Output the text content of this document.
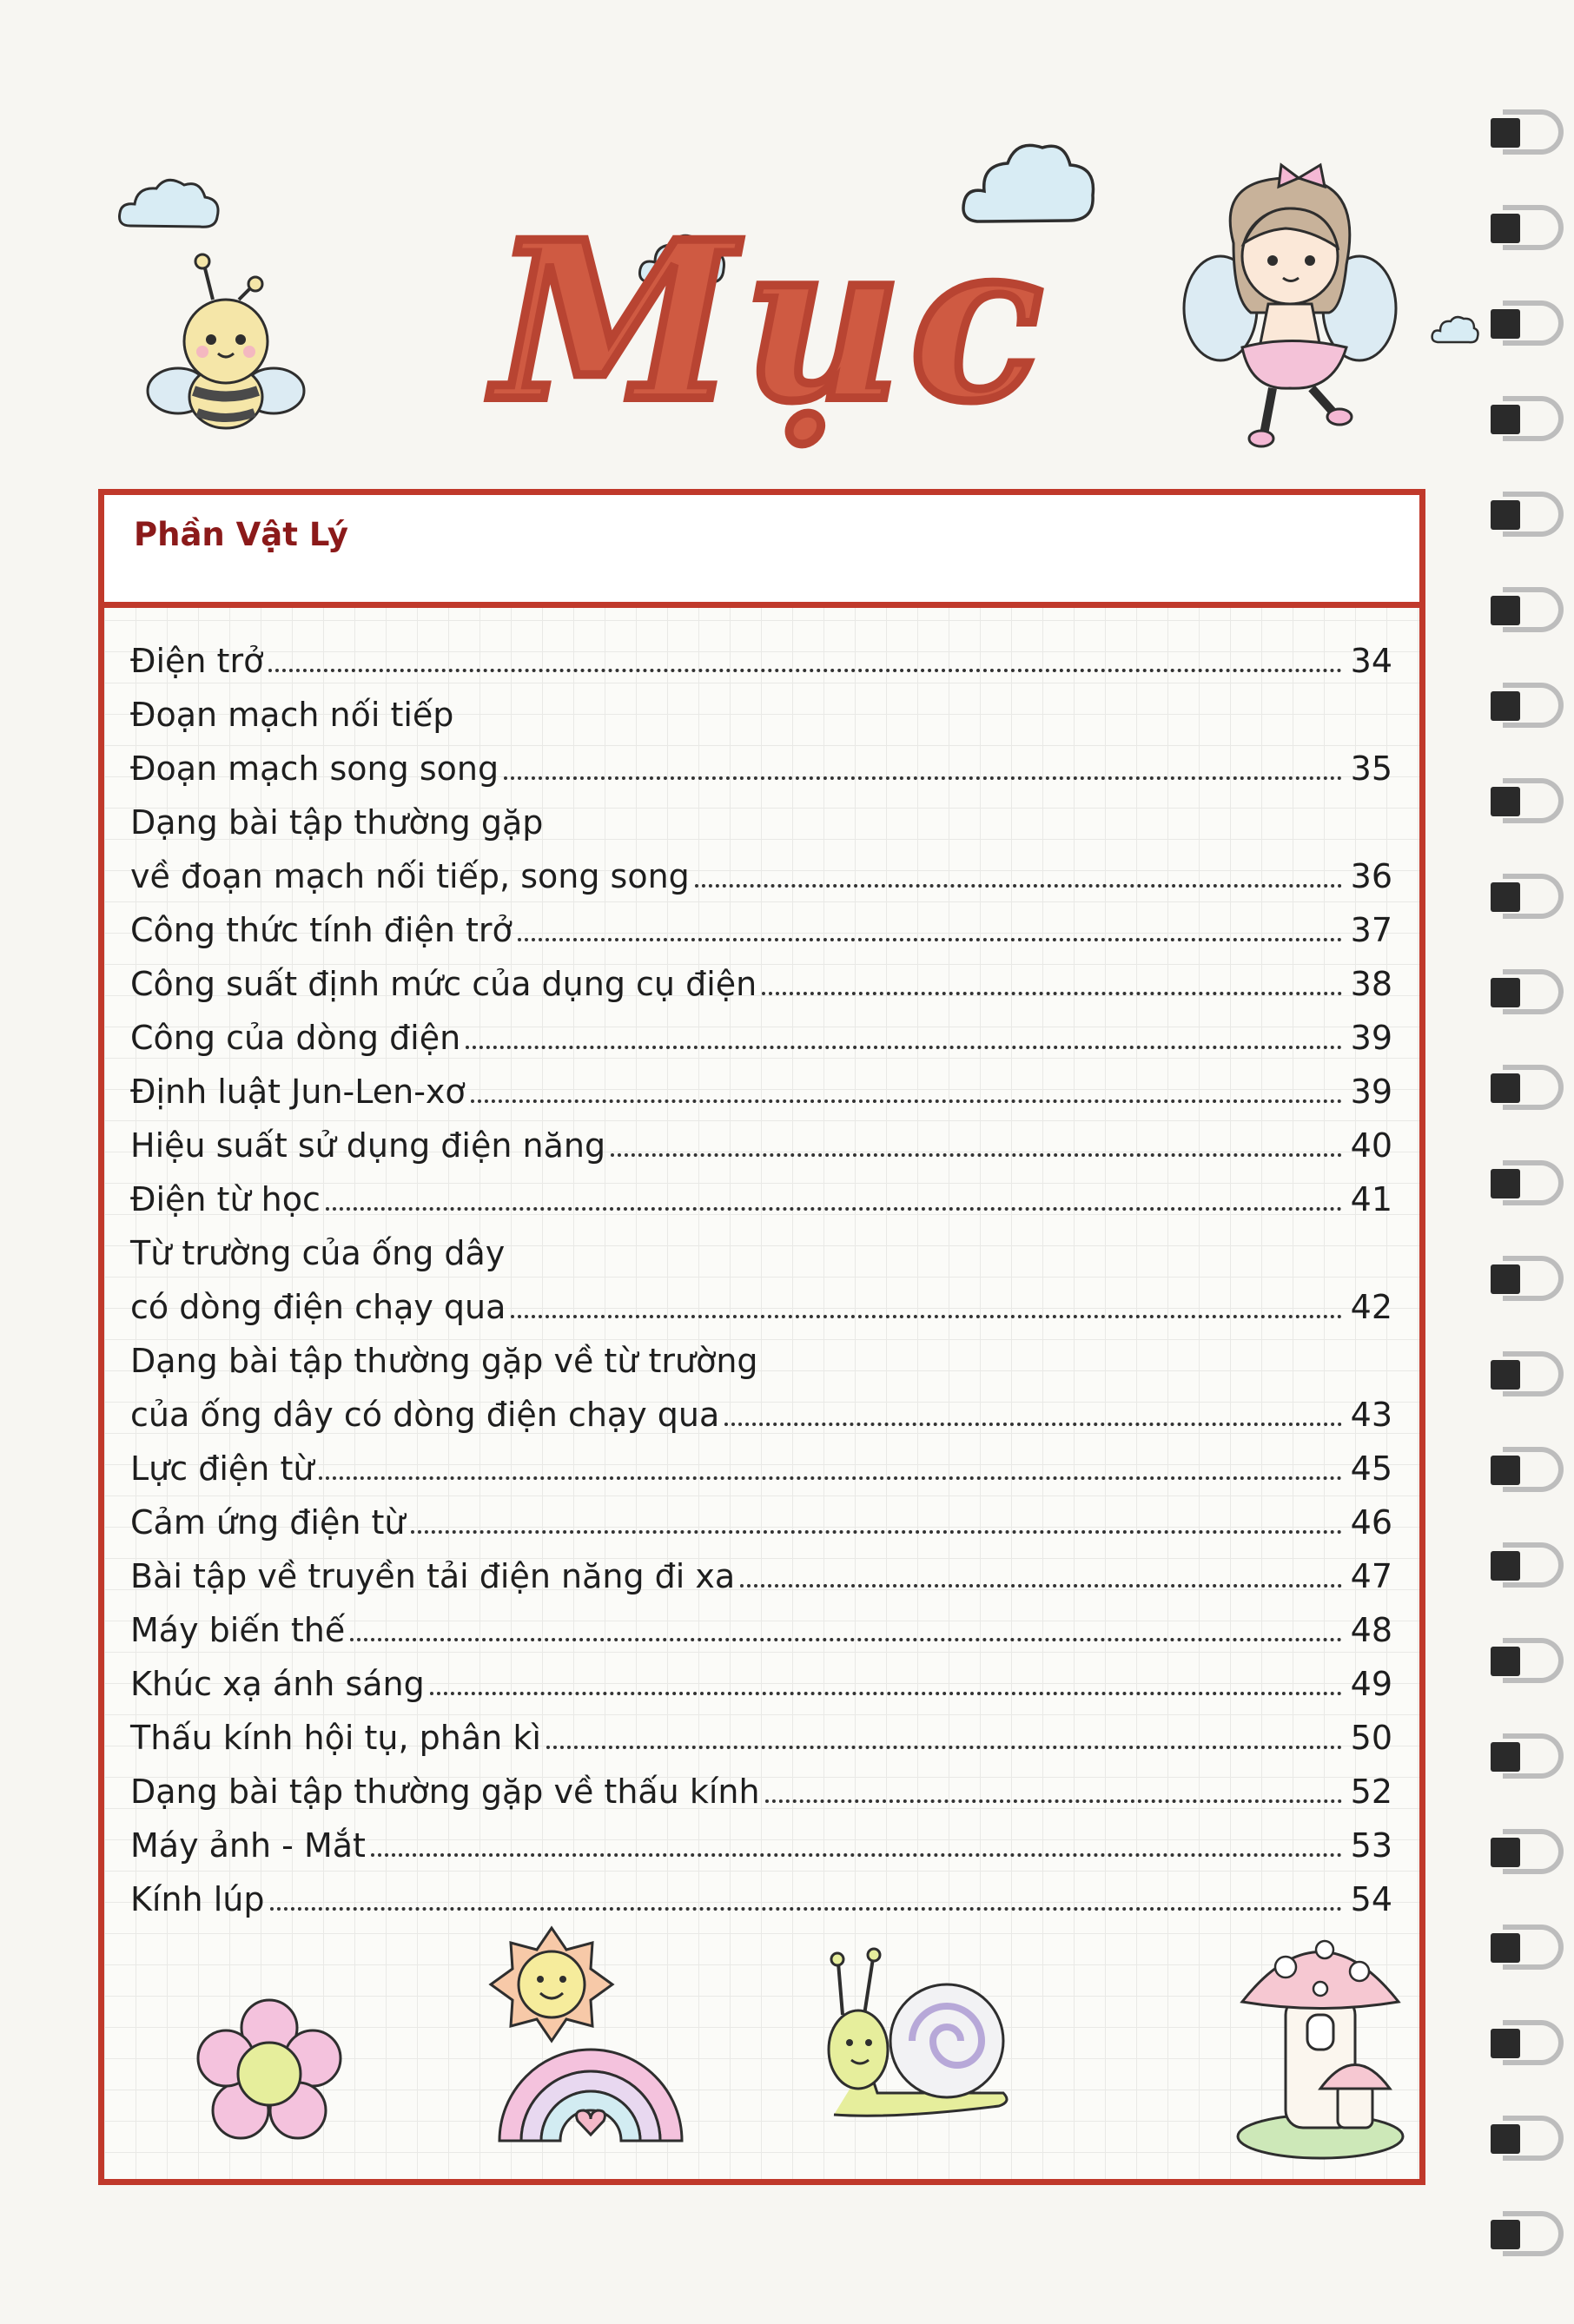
Mục
Phần Vật Lý
Điện trở	34
Đoạn mạch nối tiếp
Đoạn mạch song song	35
Dạng bài tập thường gặp
về đoạn mạch nối tiếp, song song	36
Công thức tính điện trở	37
Công suất định mức của dụng cụ điện	38
Công của dòng điện	39
Định luật Jun-Len-xơ	39
Hiệu suất sử dụng điện năng	40
Điện từ học	41
Từ trường của ống dây
có dòng điện chạy qua	42
Dạng bài tập thường gặp về từ trường
của ống dây có dòng điện chạy qua	43
Lực điện từ	45
Cảm ứng điện từ	46
Bài tập về truyền tải điện năng đi xa	47
Máy biến thế	48
Khúc xạ ánh sáng	49
Thấu kính hội tụ, phân kì	50
Dạng bài tập thường gặp về thấu kính	52
Máy ảnh - Mắt	53
Kính lúp	54
